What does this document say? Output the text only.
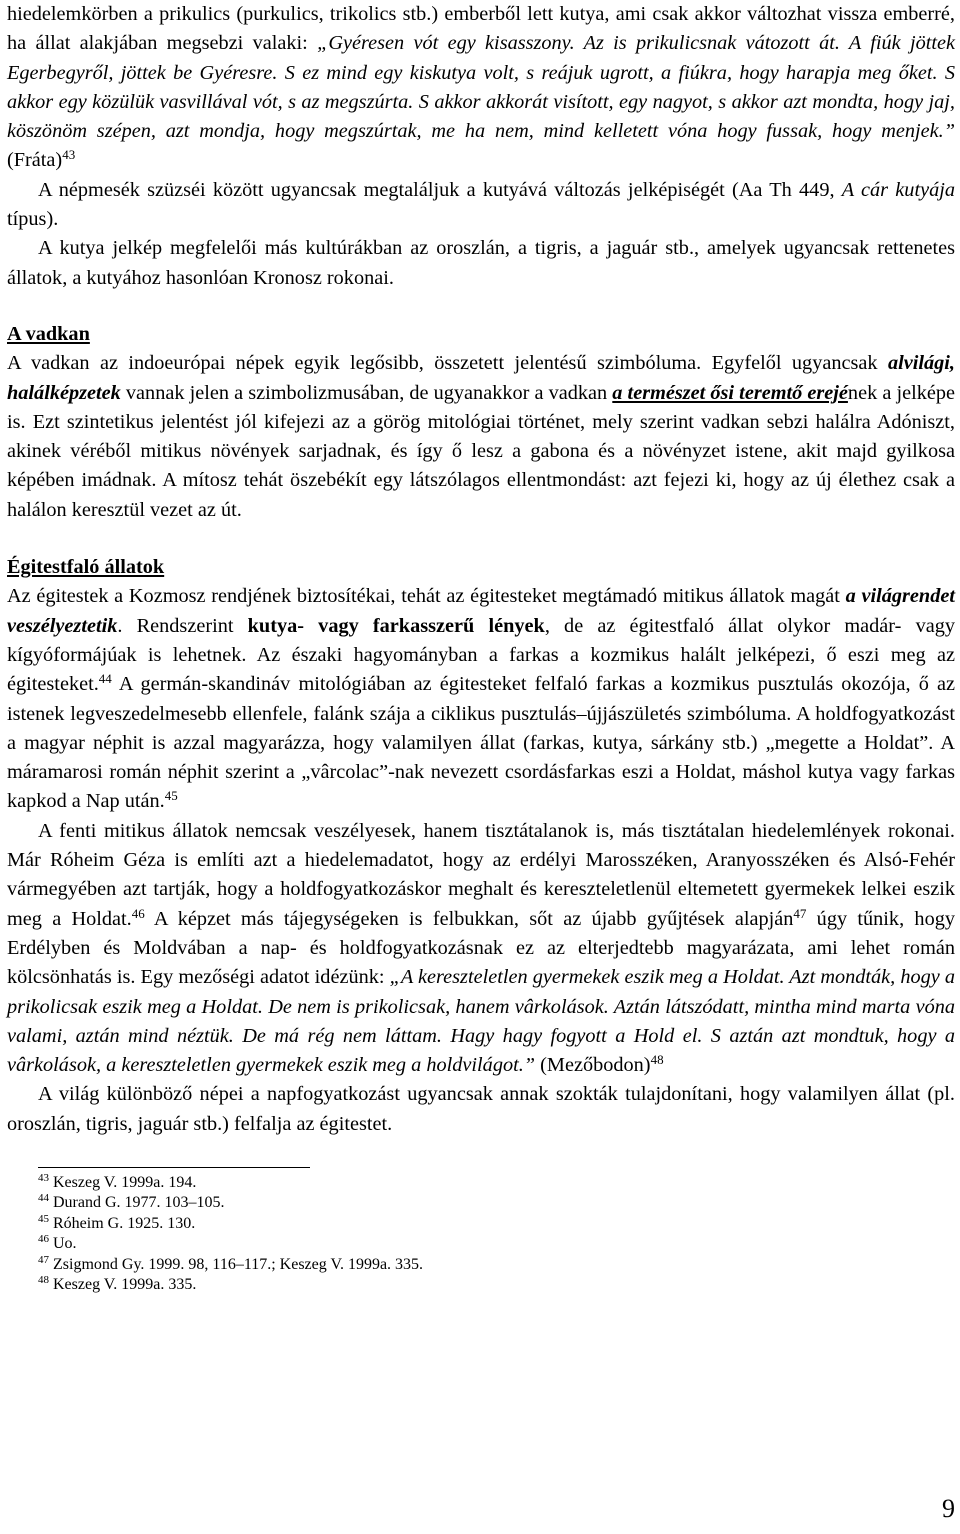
hiedelemkörben a prikulics (purkulics, trikolics stb.) emberből lett kutya, ami csak akkor változhat vissza emberré, ha állat alakjában megsebzi valaki: „Gyéresen vót egy kisasszony. Az is prikulicsnak vátozott át. A fiúk jöttek Egerbegyről, jöttek be Gyéresre. S ez mind egy kiskutya volt, s reájuk ugrott, a fiúkra, hogy harapja meg őket. S akkor egy közülük vasvillával vót, s az megszúrta. S akkor akkorát visított, egy nagyot, s akkor azt mondta, hogy jaj, köszönöm szépen, azt mondja, hogy megszúrtak, me ha nem, mind kelletett vóna hogy fussak, hogy menjek.” (Fráta)$^{43}$

A népmesék szüzséi között ugyancsak megtaláljuk a kutyává változás jelképiségét (Aa Th 449, A cár kutyája típus).

A kutya jelkép megfelelői más kultúrákban az oroszlán, a tigris, a jaguár stb., amelyek ugyancsak rettenetes állatok, a kutyához hasonlóan Kronosz rokonai.

A vadkan

A vadkan az indoeurópai népek egyik legősibb, összetett jelentésű szimbóluma. Egyfelől ugyancsak alvilági, halálképzetek vannak jelen a szimbolizmusában, de ugyanakkor a vadkan a természet ősi teremtő erejének a jelképe is. Ezt szintetikus jelentést jól kifejezi az a görög mitológiai történet, mely szerint vadkan sebzi halálra Adóniszt, akinek véréből mitikus növények sarjadnak, és így ő lesz a gabona és a növényzet istene, akit majd gyilkosa képében imádnak. A mítosz tehát öszebékít egy látszólagos ellentmondást: azt fejezi ki, hogy az új élethez csak a halálon keresztül vezet az út.

Égitestfaló állatok

Az égitestek a Kozmosz rendjének biztosítékai, tehát az égitesteket megtámadó mitikus állatok magát a világrendet veszélyeztetik. Rendszerint kutya- vagy farkasszerű lények, de az égitestfaló állat olykor madár- vagy kígyóformájúak is lehetnek. Az északi hagyományban a farkas a kozmikus halált jelképezi, ő eszi meg az égitesteket.$^{44}$ A germán-skandináv mitológiában az égitesteket felfaló farkas a kozmikus pusztulás okozója, ő az istenek legveszedelmesebb ellenfele, falánk szája a ciklikus pusztulás–újjászületés szimbóluma. A holdfogyatkozást a magyar néphit is azzal magyarázza, hogy valamilyen állat (farkas, kutya, sárkány stb.) „megette a Holdat”. A máramarosi román néphit szerint a „vârcolac”-nak nevezett csordásfarkas eszi a Holdat, máshol kutya vagy farkas kapkod a Nap után.$^{45}$

A fenti mitikus állatok nemcsak veszélyesek, hanem tisztátalanok is, más tisztátalan hiedelemlények rokonai. Már Róheim Géza is említi azt a hiedelemadatot, hogy az erdélyi Marosszéken, Aranyosszéken és Alsó-Fehér vármegyében azt tartják, hogy a holdfogyatkozáskor meghalt és kereszteletlenül eltemetett gyermekek lelkei eszik meg a Holdat.$^{46}$ A képzet más tájegységeken is felbukkan, sőt az újabb gyűjtések alapján$^{47}$ úgy tűnik, hogy Erdélyben és Moldvában a nap- és holdfogyatkozásnak ez az elterjedtebb magyarázata, ami lehet román kölcsönhatás is. Egy mezőségi adatot idézünk: „A kereszteletlen gyermekek eszik meg a Holdat. Azt mondták, hogy a prikolicsak eszik meg a Holdat. De nem is prikolicsak, hanem vârkolások. Aztán látszódatt, mintha mind marta vóna valami, aztán mind néztük. De má rég nem láttam. Hagy hagy fogyott a Hold el. S aztán azt mondtuk, hogy a vârkolások, a kereszteletlen gyermekek eszik meg a holdvilágot.” (Mezőbodon)$^{48}$

A világ különböző népei a napfogyatkozást ugyancsak annak szokták tulajdonítani, hogy valamilyen állat (pl. oroszlán, tigris, jaguár stb.) felfalja az égitestet.

$^{43}$ Keszeg V. 1999a. 194.
$^{44}$ Durand G. 1977. 103–105.
$^{45}$ Róheim G. 1925. 130.
$^{46}$ Uo.
$^{47}$ Zsigmond Gy. 1999. 98, 116–117.; Keszeg V. 1999a. 335.
$^{48}$ Keszeg V. 1999a. 335.
9
